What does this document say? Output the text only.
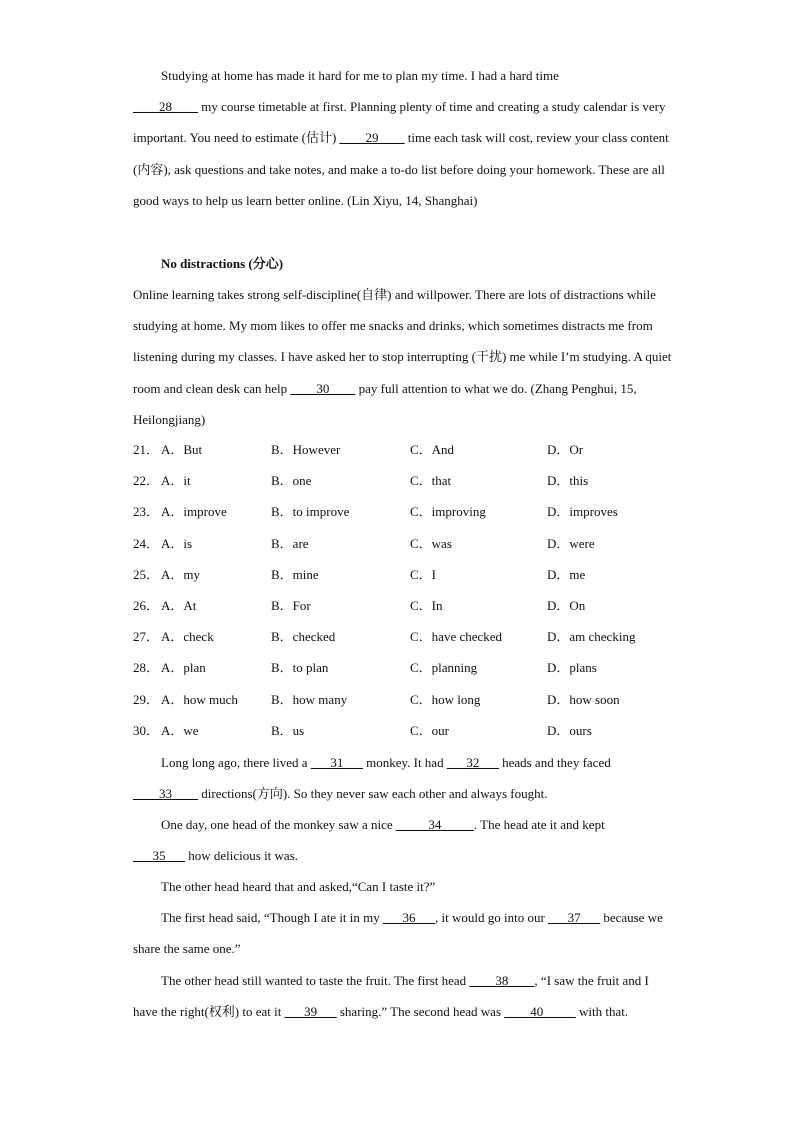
Studying at home has made it hard for me to plan my time. I had a hard time
____28____ my course timetable at first. Planning plenty of time and creating a study calendar is very important. You need to estimate (估计) ____29____ time each task will cost, review your class content (内容), ask questions and take notes, and make a to-do list before doing your homework. These are all good ways to help us learn better online. (Lin Xiyu, 14, Shanghai)

No distractions (分心)

Online learning takes strong self-discipline(自律) and willpower. There are lots of distractions while studying at home. My mom likes to offer me snacks and drinks, which sometimes distracts me from listening during my classes. I have asked her to stop interrupting (干扰) me while I’m studying. A quiet room and clean desk can help ____30____ pay full attention to what we do. (Zhang Penghui, 15, Heilongjiang)

21． A．But	B．However	C．And	D．Or
22． A．it	B．one	C．that	D．this
23． A．improve	B．to improve	C．improving	D．improves
24． A．is	B．are	C．was	D．were
25． A．my	B．mine	C．I	D．me
26． A．At	B．For	C．In	D．On
27． A．check	B．checked	C．have checked	D．am checking
28． A．plan	B．to plan	C．planning	D．plans
29． A．how much	B．how many	C．how long	D．how soon
30． A．we	B．us	C．our	D．ours

Long long ago, there lived a ___31___ monkey. It had ___32___ heads and they faced ____33____ directions(方向). So they never saw each other and always fought.

One day, one head of the monkey saw a nice _____34_____. The head ate it and kept
___35___ how delicious it was.

The other head heard that and asked,“Can I taste it?”

The first head said, “Though I ate it in my ___36___, it would go into our ___37___ because we share the same one.”

The other head still wanted to taste the fruit. The first head ____38____, “I saw the fruit and I have the right(权利) to eat it ___39___ sharing.” The second head was ____40_____ with that.
